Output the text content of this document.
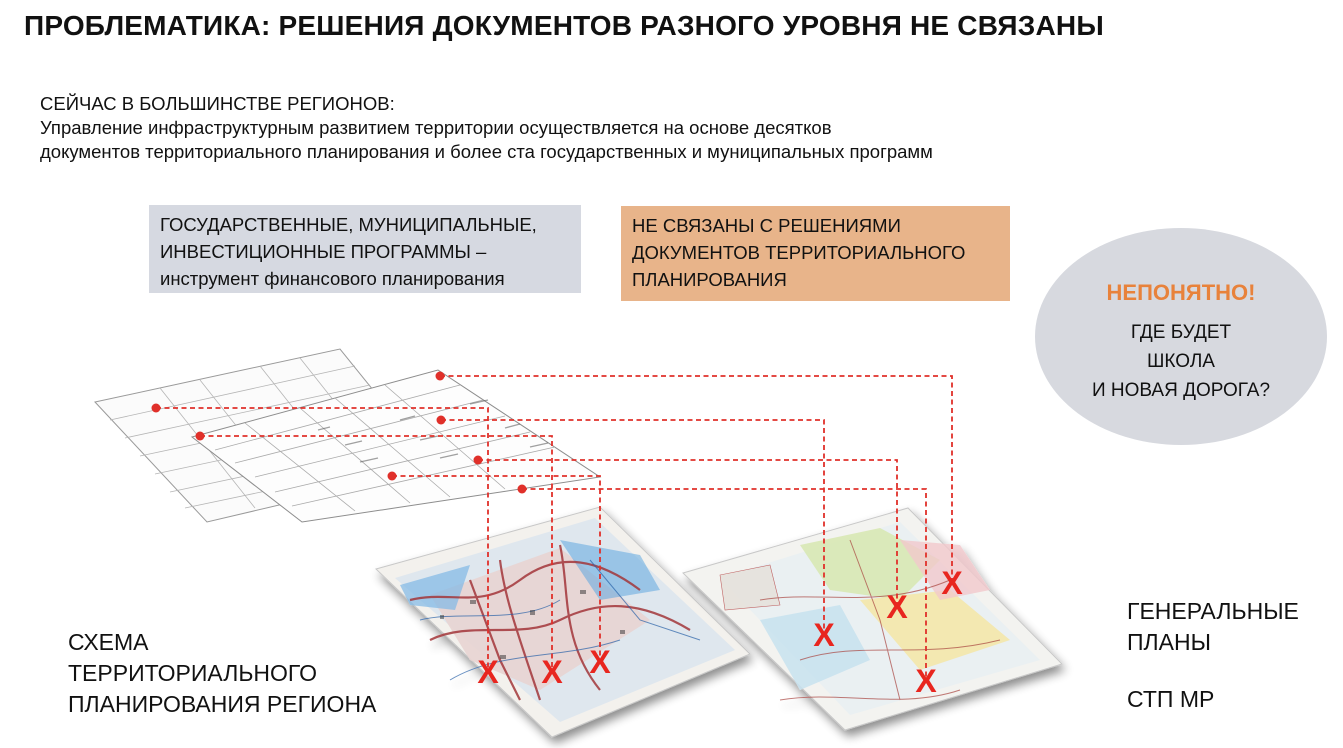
ПРОБЛЕМАТИКА: РЕШЕНИЯ ДОКУМЕНТОВ РАЗНОГО УРОВНЯ НЕ СВЯЗАНЫ
СЕЙЧАС В БОЛЬШИНСТВЕ РЕГИОНОВ:
Управление инфраструктурным развитием территории осуществляется на основе десятков
документов территориального планирования и более ста государственных и муниципальных программ
ГОСУДАРСТВЕННЫЕ, МУНИЦИПАЛЬНЫЕ,
ИНВЕСТИЦИОННЫЕ ПРОГРАММЫ –
инструмент финансового планирования
НЕ СВЯЗАНЫ С РЕШЕНИЯМИ
ДОКУМЕНТОВ ТЕРРИТОРИАЛЬНОГО
ПЛАНИРОВАНИЯ
НЕПОНЯТНО!
ГДЕ БУДЕТ
ШКОЛА
И НОВАЯ ДОРОГА?
X X X
X
X
X
X
СХЕМА
ТЕРРИТОРИАЛЬНОГО
ПЛАНИРОВАНИЯ РЕГИОНА
ГЕНЕРАЛЬНЫЕ
ПЛАНЫ
СТП МР
